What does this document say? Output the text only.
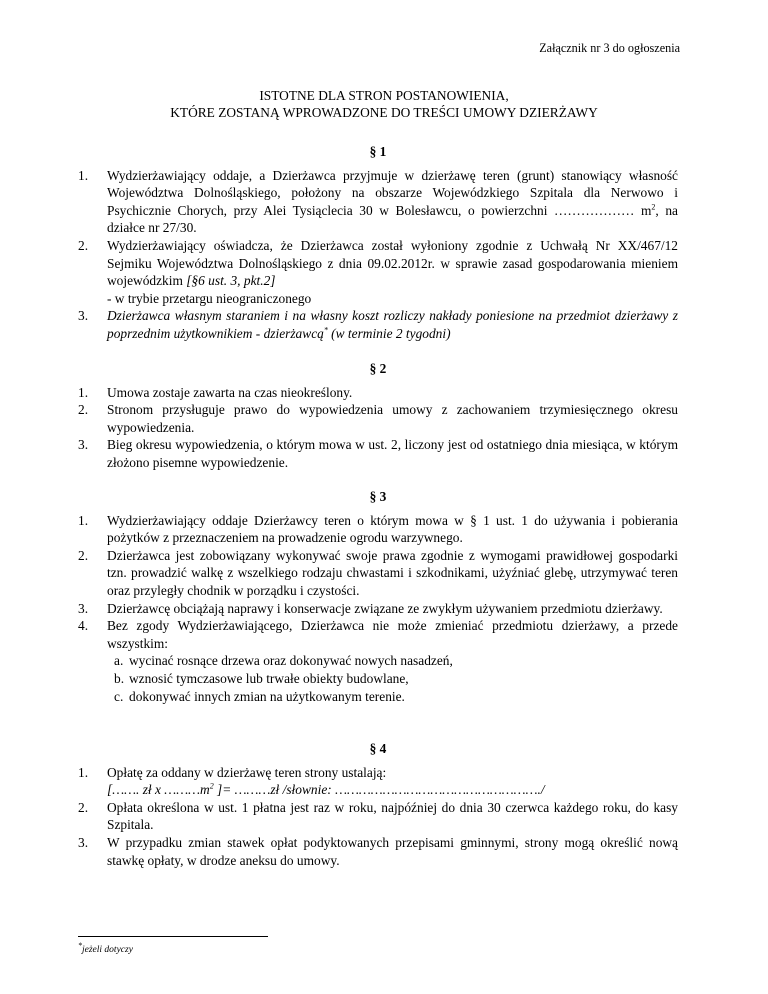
Załącznik nr 3 do ogłoszenia
ISTOTNE DLA STRON POSTANOWIENIA,
KTÓRE ZOSTANĄ WPROWADZONE DO TREŚCI UMOWY DZIERŻAWY
§ 1
1. Wydzierżawiający oddaje, a Dzierżawca przyjmuje w dzierżawę teren (grunt) stanowiący własność Województwa Dolnośląskiego, położony na obszarze Wojewódzkiego Szpitala dla Nerwowo i Psychicznie Chorych, przy Alei Tysiąclecia 30 w Bolesławcu, o powierzchni ……………… $m^2$, na działce nr 27/30.
2. Wydzierżawiający oświadcza, że Dzierżawca został wyłoniony zgodnie z Uchwałą Nr XX/467/12 Sejmiku Województwa Dolnośląskiego z dnia 09.02.2012r. w sprawie zasad gospodarowania mieniem wojewódzkim [§6 ust. 3, pkt.2]
- w trybie przetargu nieograniczonego
3. Dzierżawca własnym staraniem i na własny koszt rozliczy nakłady poniesione na przedmiot dzierżawy z poprzednim użytkownikiem - dzierżawcą* (w terminie 2 tygodni)
§ 2
1. Umowa zostaje zawarta na czas nieokreślony.
2. Stronom przysługuje prawo do wypowiedzenia umowy z zachowaniem trzymiesięcznego okresu wypowiedzenia.
3. Bieg okresu wypowiedzenia, o którym mowa w ust. 2, liczony jest od ostatniego dnia miesiąca, w którym złożono pisemne wypowiedzenie.
§ 3
1. Wydzierżawiający oddaje Dzierżawcy teren o którym mowa w § 1 ust. 1 do używania i pobierania pożytków z przeznaczeniem na prowadzenie ogrodu warzywnego.
2. Dzierżawca jest zobowiązany wykonywać swoje prawa zgodnie z wymogami prawidłowej gospodarki tzn. prowadzić walkę z wszelkiego rodzaju chwastami i szkodnikami, użyźniać glebę, utrzymywać teren oraz przyległy chodnik w porządku i czystości.
3. Dzierżawcę obciążają naprawy i konserwacje związane ze zwykłym używaniem przedmiotu dzierżawy.
4. Bez zgody Wydzierżawiającego, Dzierżawca nie może zmieniać przedmiotu dzierżawy, a przede wszystkim:
a. wycinać rosnące drzewa oraz dokonywać nowych nasadzeń,
b. wznosić tymczasowe lub trwałe obiekty budowlane,
c. dokonywać innych zmian na użytkowanym terenie.
§ 4
1. Opłatę za oddany w dzierżawę teren strony ustalają:
[……. zł x $\dots\dots\dots m^2$ ]= ………zł /słownie: ……………………………………………./
2. Opłata określona w ust. 1 płatna jest raz w roku, najpóźniej do dnia 30 czerwca każdego roku, do kasy Szpitala.
3. W przypadku zmian stawek opłat podyktowanych przepisami gminnymi, strony mogą określić nową stawkę opłaty, w drodze aneksu do umowy.
*jeżeli dotyczy
